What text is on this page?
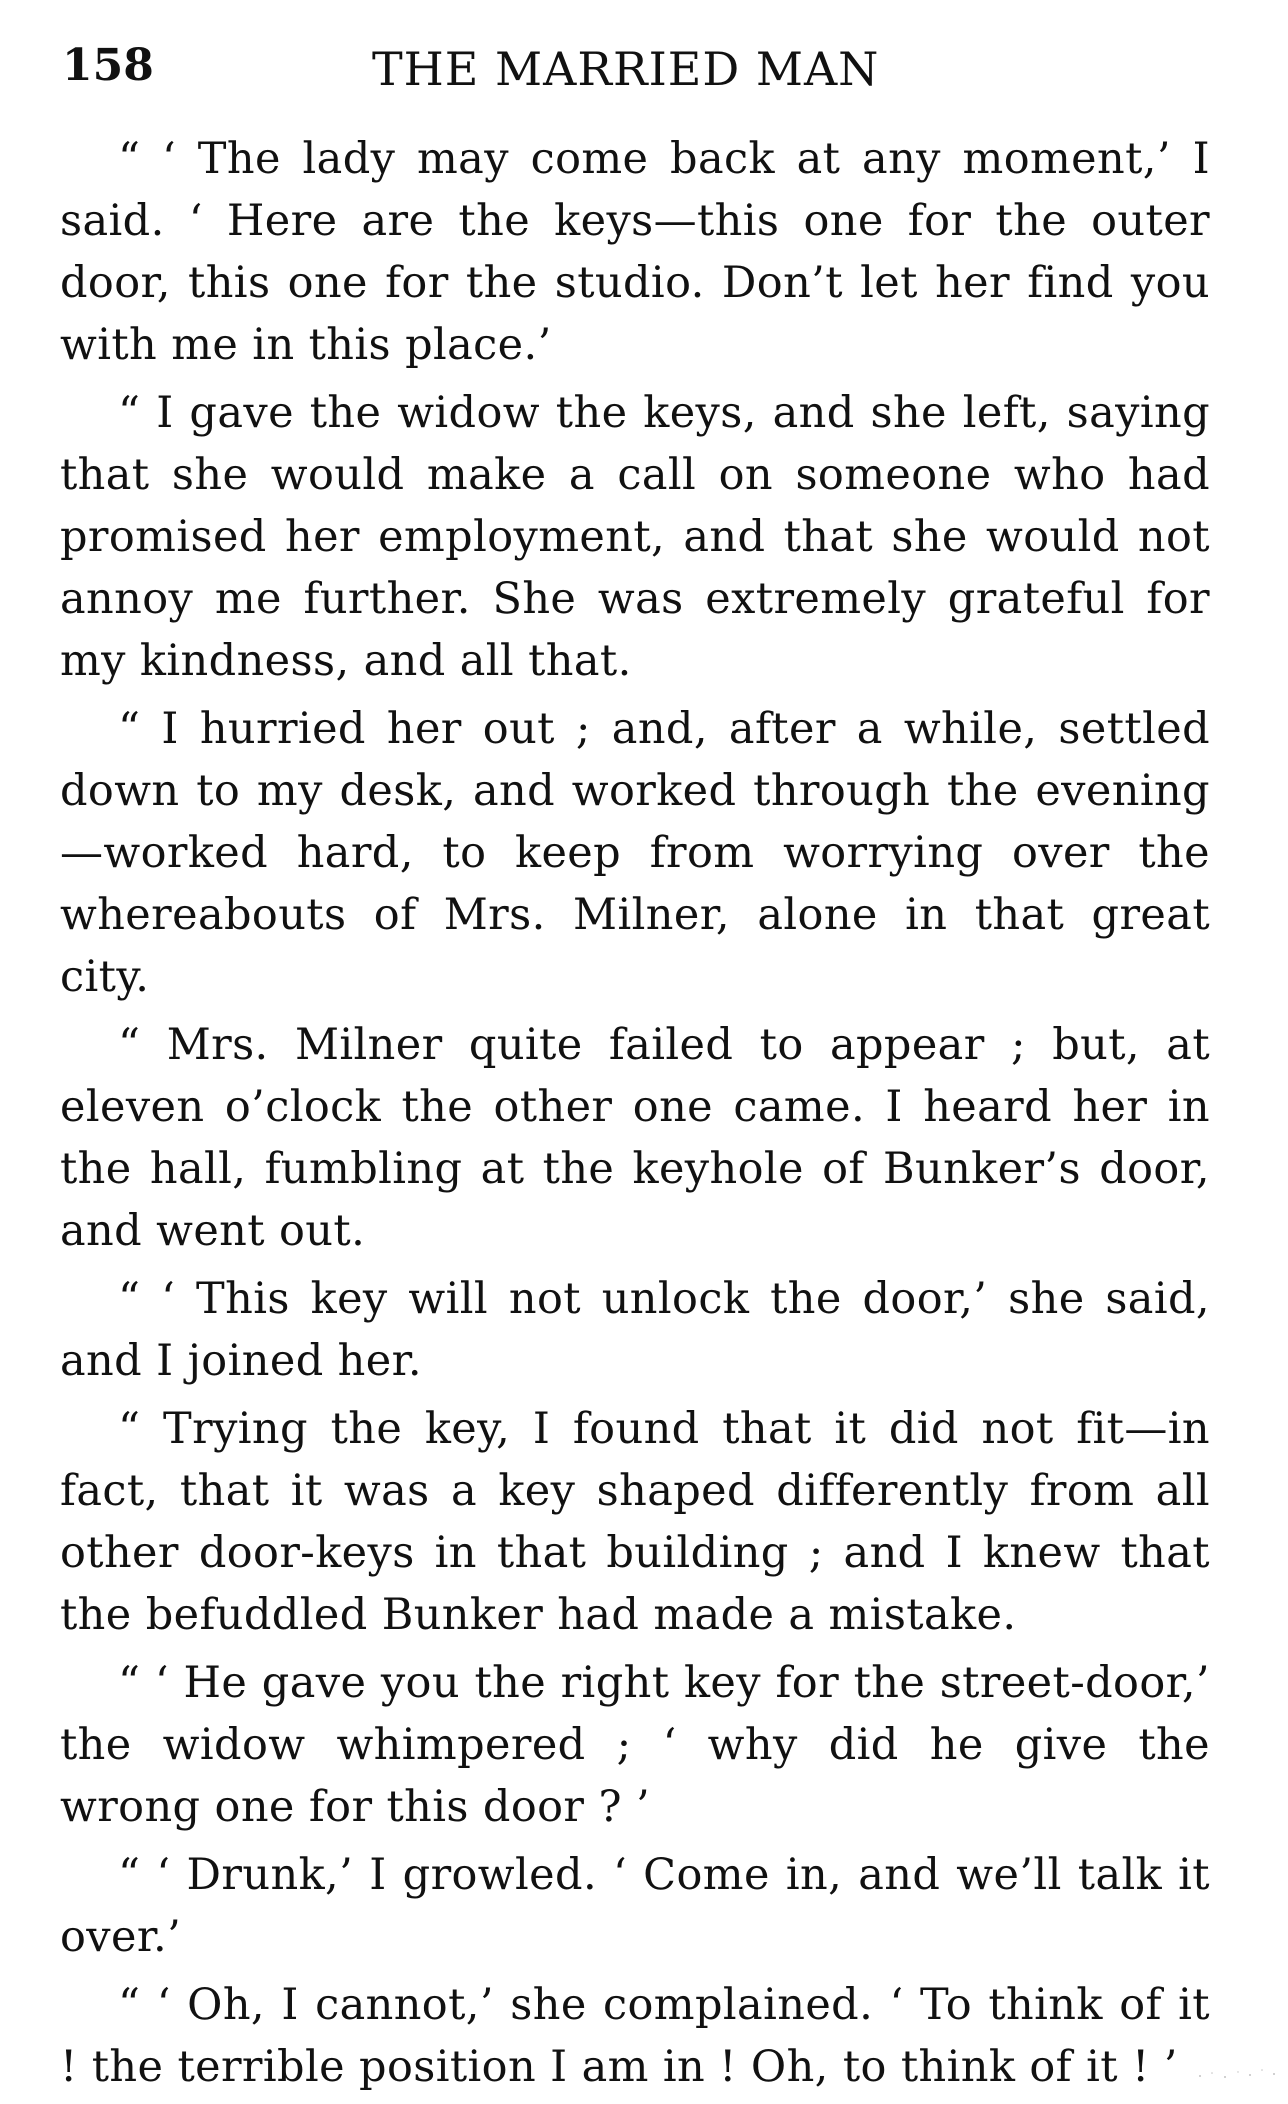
158	THE MARRIED MAN

“ ‘ The lady may come back at any moment,’ I said. ‘ Here are the keys—this one for the outer door, this one for the studio. Don’t let her find you with me in this place.’

“ I gave the widow the keys, and she left, saying that she would make a call on someone who had promised her employment, and that she would not annoy me further. She was extremely grateful for my kindness, and all that.

“ I hurried her out ; and, after a while, settled down to my desk, and worked through the evening—worked hard, to keep from worrying over the whereabouts of Mrs. Milner, alone in that great city.

“ Mrs. Milner quite failed to appear ; but, at eleven o’clock the other one came. I heard her in the hall, fumbling at the keyhole of Bunker’s door, and went out.

“ ‘ This key will not unlock the door,’ she said, and I joined her.

“ Trying the key, I found that it did not fit—in fact, that it was a key shaped differently from all other door-keys in that building ; and I knew that the befuddled Bunker had made a mistake.

“ ‘ He gave you the right key for the street-door,’ the widow whimpered ; ‘ why did he give the wrong one for this door ? ’

“ ‘ Drunk,’ I growled. ‘ Come in, and we’ll talk it over.’

“ ‘ Oh, I cannot,’ she complained. ‘ To think of it ! the terrible position I am in ! Oh, to think of it ! ’
